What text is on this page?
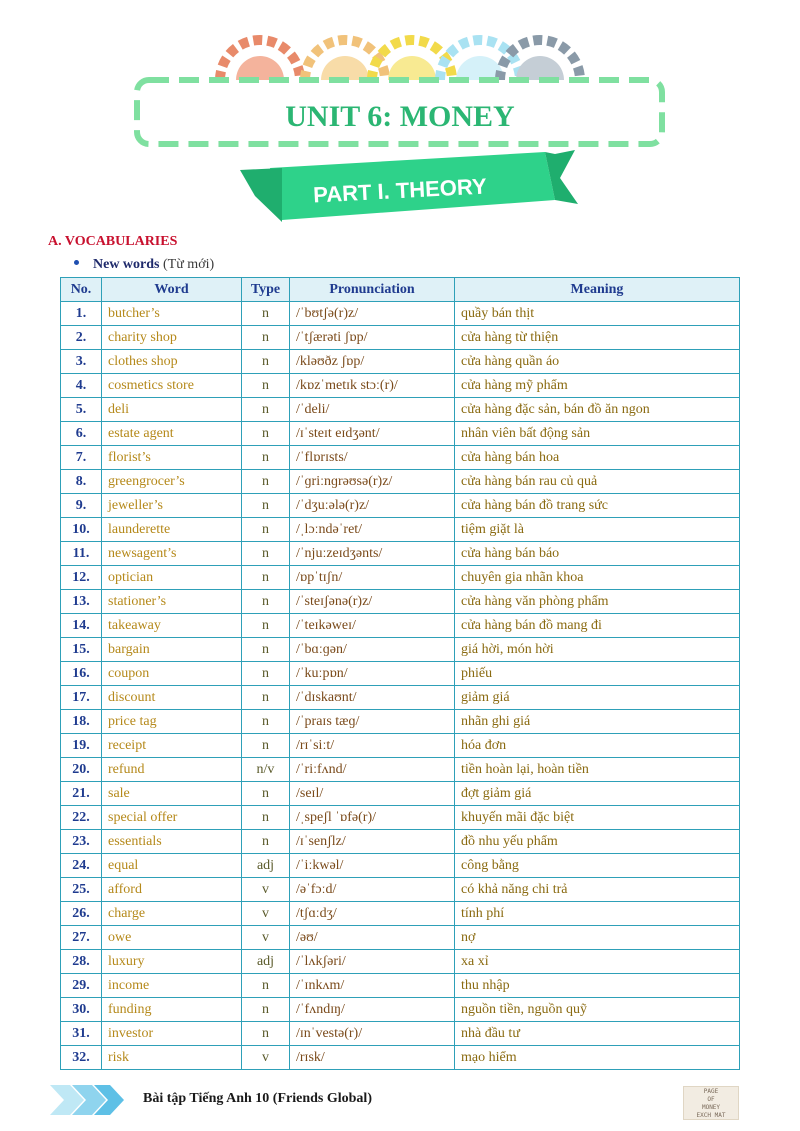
UNIT 6: MONEY
PART I. THEORY
A. VOCABULARIES
New words (Từ mới)
No.	Word	Type	Pronunciation	Meaning
1.	butcher’s	n	/ˈbʊtʃə(r)z/	quầy bán thịt
2.	charity shop	n	/ˈtʃærəti ʃɒp/	cửa hàng từ thiện
3.	clothes shop	n	/kləʊðz ʃɒp/	cửa hàng quần áo
4.	cosmetics store	n	/kɒzˈmetɪk stɔː(r)/	cửa hàng mỹ phẩm
5.	deli	n	/ˈdeli/	cửa hàng đặc sản, bán đồ ăn ngon
6.	estate agent	n	/ɪˈsteɪt eɪdʒənt/	nhân viên bất động sản
7.	florist’s	n	/ˈflɒrɪsts/	cửa hàng bán hoa
8.	greengrocer’s	n	/ˈɡriːnɡrəʊsə(r)z/	cửa hàng bán rau củ quả
9.	jeweller’s	n	/ˈdʒuːələ(r)z/	cửa hàng bán đồ trang sức
10.	launderette	n	/ˌlɔːndəˈret/	tiệm giặt là
11.	newsagent’s	n	/ˈnjuːzeɪdʒənts/	cửa hàng bán báo
12.	optician	n	/ɒpˈtɪʃn/	chuyên gia nhãn khoa
13.	stationer’s	n	/ˈsteɪʃənə(r)z/	cửa hàng văn phòng phẩm
14.	takeaway	n	/ˈteɪkəweɪ/	cửa hàng bán đồ mang đi
15.	bargain	n	/ˈbɑːɡən/	giá hời, món hời
16.	coupon	n	/ˈkuːpɒn/	phiếu
17.	discount	n	/ˈdɪskaʊnt/	giảm giá
18.	price tag	n	/ˈpraɪs tæɡ/	nhãn ghi giá
19.	receipt	n	/rɪˈsiːt/	hóa đơn
20.	refund	n/v	/ˈriːfʌnd/	tiền hoàn lại, hoàn tiền
21.	sale	n	/seɪl/	đợt giảm giá
22.	special offer	n	/ˌspeʃl ˈɒfə(r)/	khuyến mãi đặc biệt
23.	essentials	n	/ɪˈsenʃlz/	đồ nhu yếu phẩm
24.	equal	adj	/ˈiːkwəl/	công bằng
25.	afford	v	/əˈfɔːd/	có khả năng chi trả
26.	charge	v	/tʃɑːdʒ/	tính phí
27.	owe	v	/əʊ/	nợ
28.	luxury	adj	/ˈlʌkʃəri/	xa xỉ
29.	income	n	/ˈɪnkʌm/	thu nhập
30.	funding	n	/ˈfʌndɪŋ/	nguồn tiền, nguồn quỹ
31.	investor	n	/ɪnˈvestə(r)/	nhà đầu tư
32.	risk	v	/rɪsk/	mạo hiểm
Bài tập Tiếng Anh 10 (Friends Global)	PAGE
OF
MONEY
EXCH MAT
